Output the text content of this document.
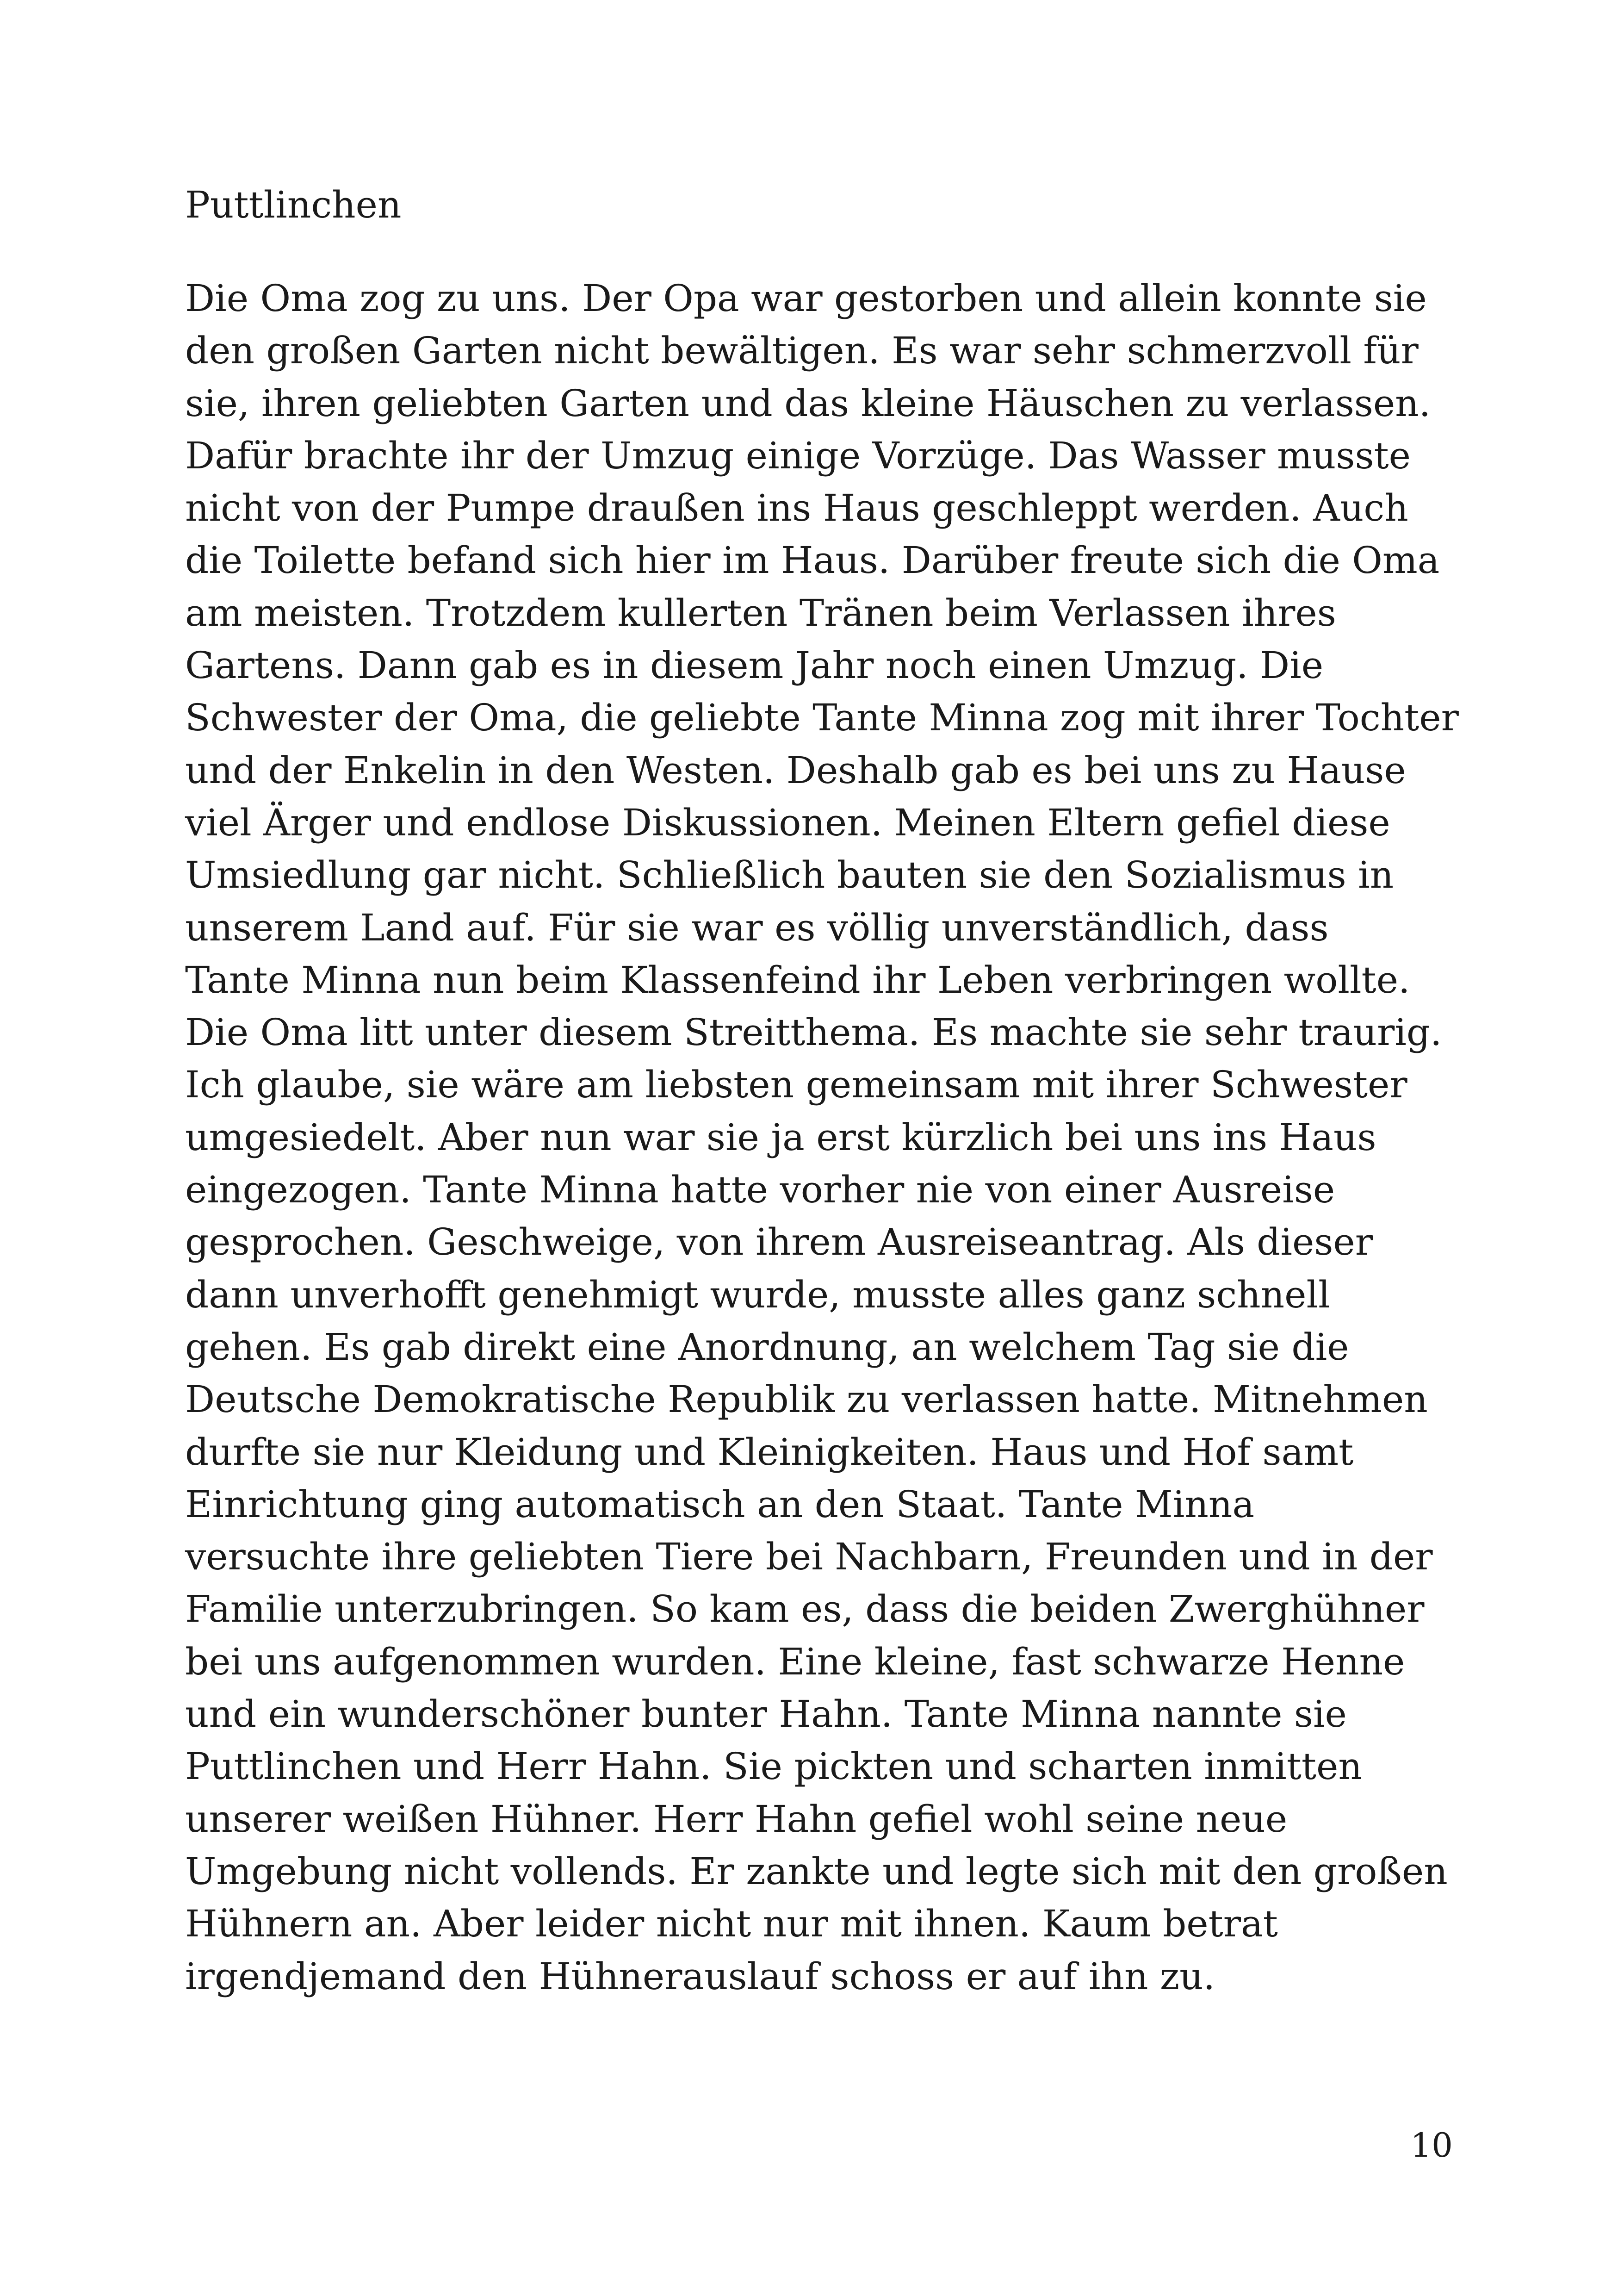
Puttlinchen
Die Oma zog zu uns. Der Opa war gestorben und allein konnte sie
den großen Garten nicht bewältigen. Es war sehr schmerzvoll für
sie, ihren geliebten Garten und das kleine Häuschen zu verlassen.
Dafür brachte ihr der Umzug einige Vorzüge. Das Wasser musste
nicht von der Pumpe draußen ins Haus geschleppt werden. Auch
die Toilette befand sich hier im Haus. Darüber freute sich die Oma
am meisten. Trotzdem kullerten Tränen beim Verlassen ihres
Gartens. Dann gab es in diesem Jahr noch einen Umzug. Die
Schwester der Oma, die geliebte Tante Minna zog mit ihrer Tochter
und der Enkelin in den Westen. Deshalb gab es bei uns zu Hause
viel Ärger und endlose Diskussionen. Meinen Eltern gefiel diese
Umsiedlung gar nicht. Schließlich bauten sie den Sozialismus in
unserem Land auf. Für sie war es völlig unverständlich, dass
Tante Minna nun beim Klassenfeind ihr Leben verbringen wollte.
Die Oma litt unter diesem Streitthema. Es machte sie sehr traurig.
Ich glaube, sie wäre am liebsten gemeinsam mit ihrer Schwester
umgesiedelt. Aber nun war sie ja erst kürzlich bei uns ins Haus
eingezogen. Tante Minna hatte vorher nie von einer Ausreise
gesprochen. Geschweige, von ihrem Ausreiseantrag. Als dieser
dann unverhofft genehmigt wurde, musste alles ganz schnell
gehen. Es gab direkt eine Anordnung, an welchem Tag sie die
Deutsche Demokratische Republik zu verlassen hatte. Mitnehmen
durfte sie nur Kleidung und Kleinigkeiten. Haus und Hof samt
Einrichtung ging automatisch an den Staat. Tante Minna
versuchte ihre geliebten Tiere bei Nachbarn, Freunden und in der
Familie unterzubringen. So kam es, dass die beiden Zwerghühner
bei uns aufgenommen wurden. Eine kleine, fast schwarze Henne
und ein wunderschöner bunter Hahn. Tante Minna nannte sie
Puttlinchen und Herr Hahn. Sie pickten und scharten inmitten
unserer weißen Hühner. Herr Hahn gefiel wohl seine neue
Umgebung nicht vollends. Er zankte und legte sich mit den großen
Hühnern an. Aber leider nicht nur mit ihnen. Kaum betrat
irgendjemand den Hühnerauslauf schoss er auf ihn zu.
10
